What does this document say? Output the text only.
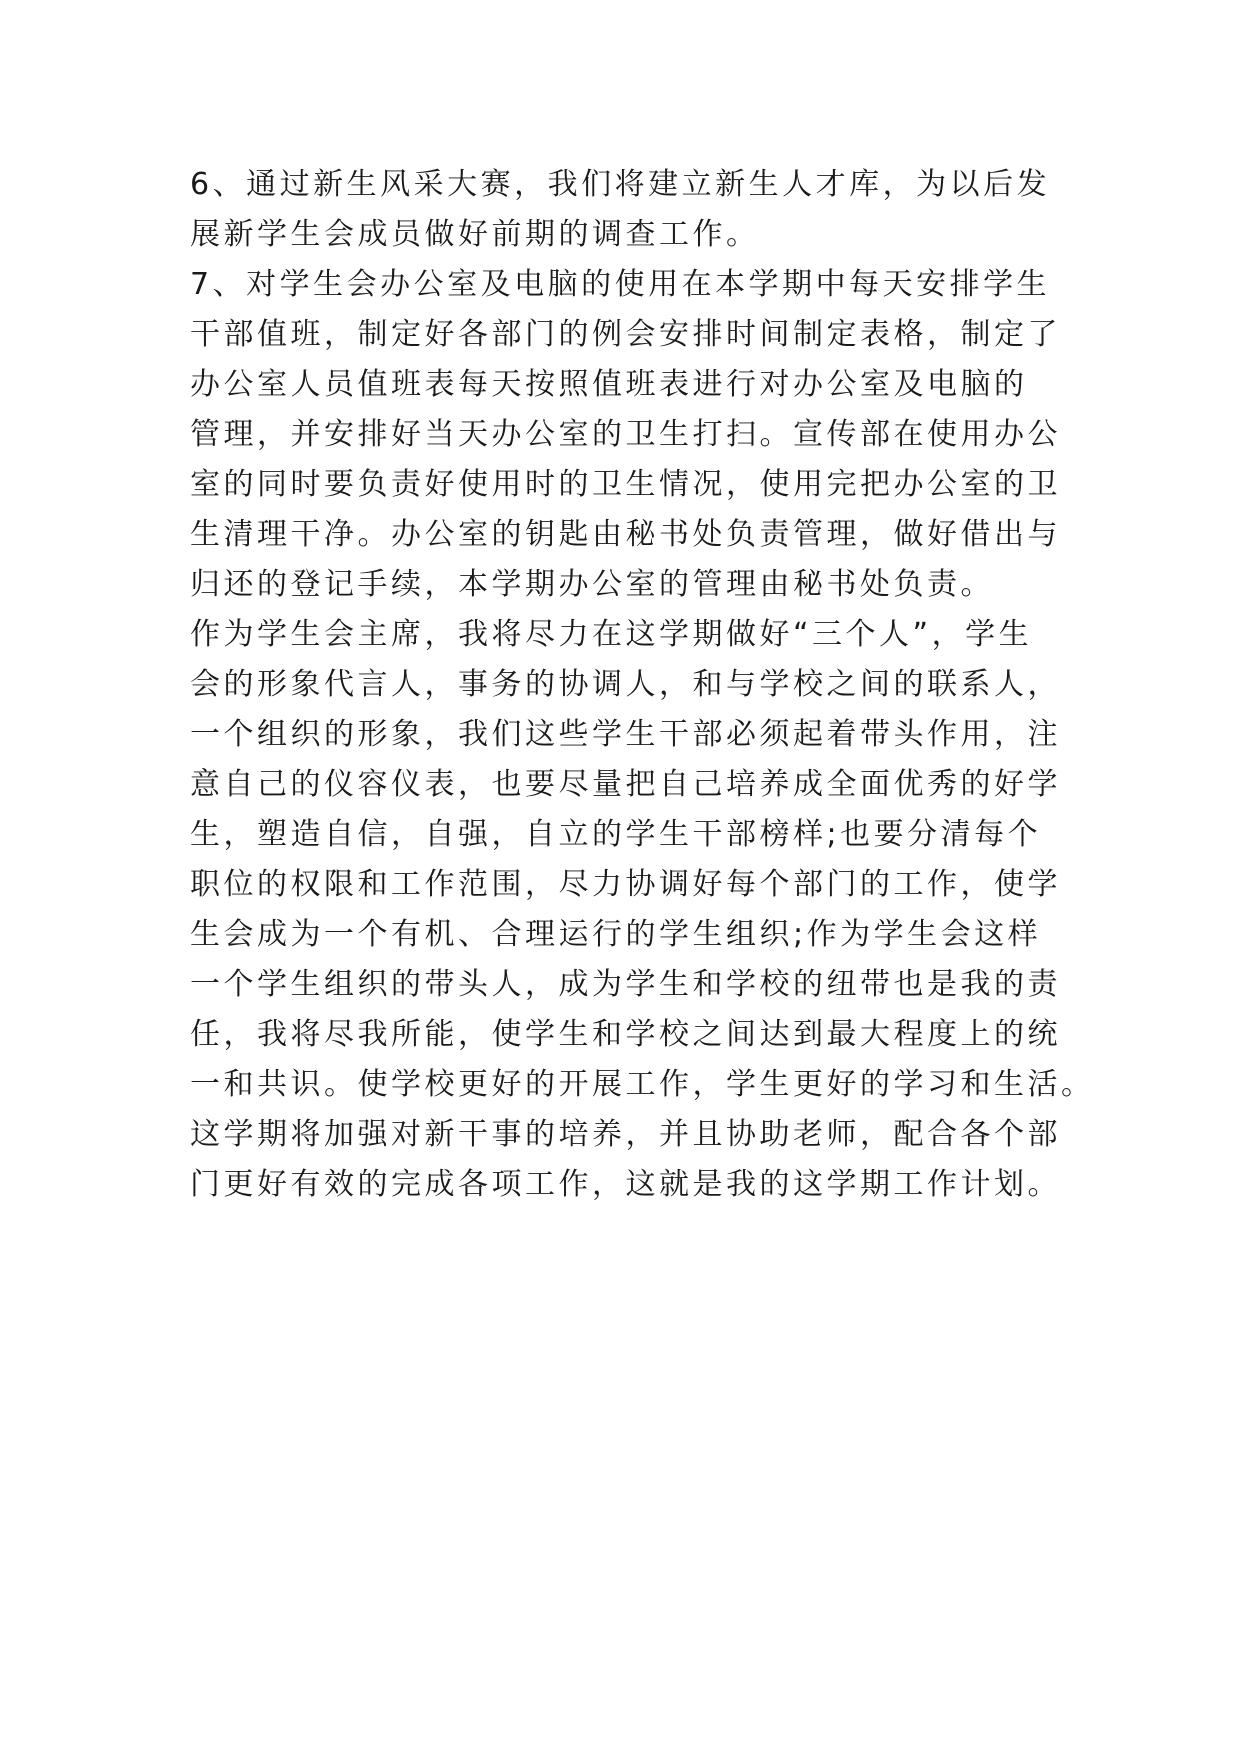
6、通过新生风采大赛，我们将建立新生人才库，为以后发
展新学生会成员做好前期的调查工作。
7、对学生会办公室及电脑的使用在本学期中每天安排学生
干部值班，制定好各部门的例会安排时间制定表格，制定了
办公室人员值班表每天按照值班表进行对办公室及电脑的
管理，并安排好当天办公室的卫生打扫。宣传部在使用办公
室的同时要负责好使用时的卫生情况，使用完把办公室的卫
生清理干净。办公室的钥匙由秘书处负责管理，做好借出与
归还的登记手续，本学期办公室的管理由秘书处负责。
作为学生会主席，我将尽力在这学期做好“三个人”，学生
会的形象代言人，事务的协调人，和与学校之间的联系人，
一个组织的形象，我们这些学生干部必须起着带头作用，注
意自己的仪容仪表，也要尽量把自己培养成全面优秀的好学
生，塑造自信，自强，自立的学生干部榜样;也要分清每个
职位的权限和工作范围，尽力协调好每个部门的工作，使学
生会成为一个有机、合理运行的学生组织;作为学生会这样
一个学生组织的带头人，成为学生和学校的纽带也是我的责
任，我将尽我所能，使学生和学校之间达到最大程度上的统
一和共识。使学校更好的开展工作，学生更好的学习和生活。
这学期将加强对新干事的培养，并且协助老师，配合各个部
门更好有效的完成各项工作，这就是我的这学期工作计划。
